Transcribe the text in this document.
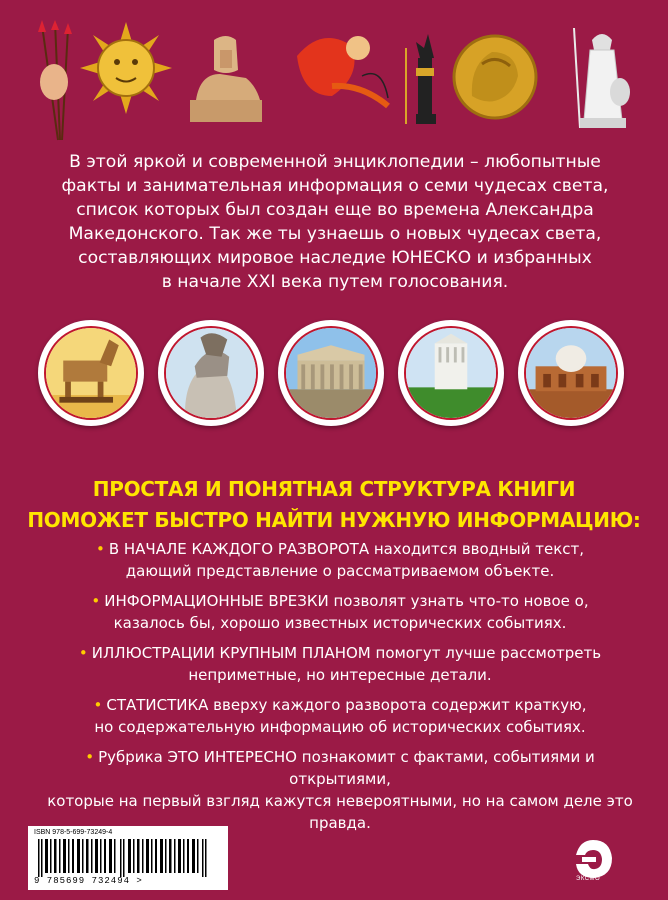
В этой яркой и современной энциклопедии – любопытные
факты и занимательная информация о семи чудесах света,
список которых был создан еще во времена Александра
Македонского. Так же ты узнаешь о новых чудесах света,
составляющих мировое наследие ЮНЕСКО и избранных
в начале XXI века путем голосования.
ПРОСТАЯ И ПОНЯТНАЯ СТРУКТУРА КНИГИ
ПОМОЖЕТ БЫСТРО НАЙТИ НУЖНУЮ ИНФОРМАЦИЮ:
• В НАЧАЛЕ КАЖДОГО РАЗВОРОТА находится вводный текст,
дающий представление о рассматриваемом объекте.
• ИНФОРМАЦИОННЫЕ ВРЕЗКИ позволят узнать что-то новое о,
казалось бы, хорошо известных исторических событиях.
• ИЛЛЮСТРАЦИИ КРУПНЫМ ПЛАНОМ помогут лучше рассмотреть
неприметные, но интересные детали.
• СТАТИСТИКА вверху каждого разворота содержит краткую,
но содержательную информацию об исторических событиях.
• Рубрика ЭТО ИНТЕРЕСНО познакомит с фактами, событиями и открытиями,
которые на первый взгляд кажутся невероятными, но на самом деле это правда.
ISBN 978-5-699-73249-4
9 785699 732494 >	ЭКСМО
